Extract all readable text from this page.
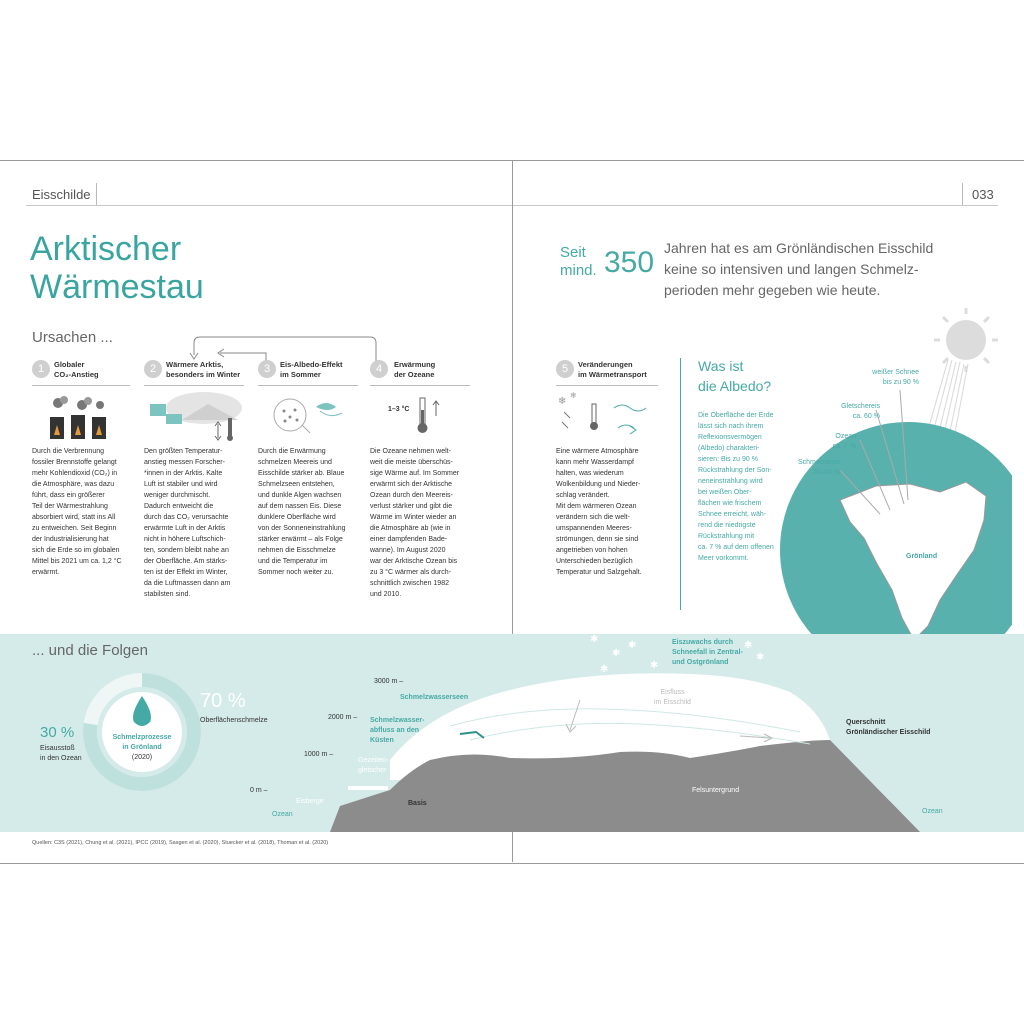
Eisschilde	033
Arktischer
Wärmestau
Ursachen ...
1	Globaler
CO₂-Anstieg	2	Wärmere Arktis,
besonders im Winter	3	Eis-Albedo-Effekt
im Sommer	4	Erwärmung
der Ozeane
1–3 °C
Durch die Verbrennung
fossiler Brennstoffe gelangt
mehr Kohlendioxid (CO₂) in
die Atmosphäre, was dazu
führt, dass ein größerer
Teil der Wärmestrahlung
absorbiert wird, statt ins All
zu entweichen. Seit Beginn
der Industrialisierung hat
sich die Erde so im globalen
Mittel bis 2021 um ca. 1,2 °C
erwärmt.
Den größten Temperatur-
anstieg messen Forscher-
*innen in der Arktis. Kalte
Luft ist stabiler und wird
weniger durchmischt.
Dadurch entweicht die
durch das CO₂ verursachte
erwärmte Luft in der Arktis
nicht in höhere Luftschich-
ten, sondern bleibt nahe an
der Oberfläche. Am stärks-
ten ist der Effekt im Winter,
da die Luftmassen dann am
stabilsten sind.
Durch die Erwärmung
schmelzen Meereis und
Eisschilde stärker ab. Blaue
Schmelzseen entstehen,
und dunkle Algen wachsen
auf dem nassen Eis. Diese
dunklere Oberfläche wird
von der Sonneneinstrahlung
stärker erwärmt – als Folge
nehmen die Eisschmelze
und die Temperatur im
Sommer noch weiter zu.
Die Ozeane nehmen welt-
weit die meiste überschüs-
sige Wärme auf. Im Sommer
erwärmt sich der Arktische
Ozean durch den Meereis-
verlust stärker und gibt die
Wärme im Winter wieder an
die Atmosphäre ab (wie in
einer dampfenden Bade-
wanne). Im August 2020
war der Arktische Ozean bis
zu 3 °C wärmer als durch-
schnittlich zwischen 1982
und 2010.
Seit
mind. 350 Jahren hat es am Grönländischen Eisschild
keine so intensiven und langen Schmelz-
perioden mehr gegeben wie heute.
5	Veränderungen
im Wärmetransport
❄
❄
Eine wärmere Atmosphäre
kann mehr Wasserdampf
halten, was wiederum
Wolkenbildung und Nieder-
schlag verändert.
Mit dem wärmeren Ozean
verändern sich die welt-
umspannenden Meeres-
strömungen, denn sie sind
angetrieben von hohen
Unterschieden bezüglich
Temperatur und Salzgehalt.
Was ist
die Albedo?
Die Oberfläche der Erde
lässt sich nach ihrem
Reflexionsvermögen
(Albedo) charakteri-
sieren: Bis zu 90 %
Rückstrahlung der Son-
neneinstrahlung wird
bei weißen Ober-
flächen wie frischem
Schnee erreicht, wäh-
rend die niedrigste
Rückstrahlung mit
ca. 7 % auf dem offenen
Meer vorkommt.
weißer Schnee
bis zu 90 %
Gletschereis
ca. 60 %
Ozean
ca. 7 %
Schmelzseen
20–40 %
Grönland
... und die Folgen
Schmelzprozesse
in Grönland
(2020)
30 %
Eisausstoß
in den Ozean
70 %
Oberflächenschmelze
✱
✱
✱
✱	✱
✱
✱
3000 m –
2000 m –
1000 m –
0 m –
Schmelzwasserseen
Schmelzwasser-
abfluss an den
Küsten
Gezeiten-
gletscher
Eisberge
Ozean
Basis
Eiszuwachs durch
Schneefall in Zentral-
und Ostgrönland
Eisfluss
im Eisschild
Felsuntergrund
Querschnitt
Grönländischer Eisschild
Ozean
Quellen: C3S (2021), Chung et al. (2021), IPCC (2019), Sasgen et al. (2020), Stuecker et al. (2018), Thoman et al. (2020)
